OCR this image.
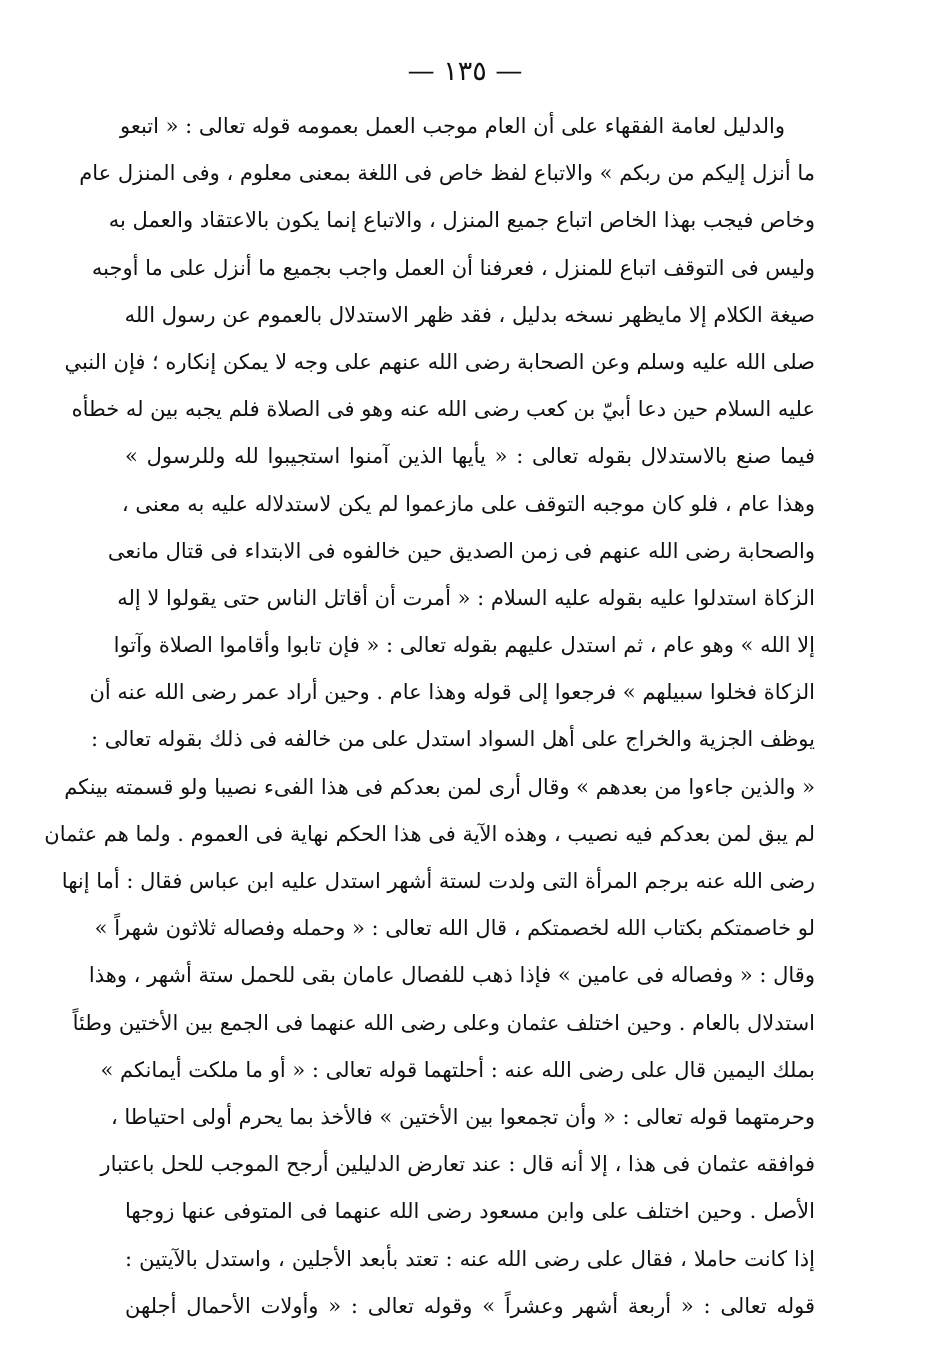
— ١٣٥ —
والدليل لعامة الفقهاء على أن العام موجب العمل بعمومه قوله تعالى : « اتبعو
ما أنزل إليكم من ربكم » والاتباع لفظ خاص فى اللغة بمعنى معلوم ، وفى المنزل عام
وخاص فيجب بهذا الخاص اتباع جميع المنزل ، والاتباع إنما يكون بالاعتقاد والعمل به
وليس فى التوقف اتباع للمنزل ، فعرفنا أن العمل واجب بجميع ما أنزل على ما أوجبه
صيغة الكلام إلا مايظهر نسخه بدليل ، فقد ظهر الاستدلال بالعموم عن رسول الله
صلى الله عليه وسلم وعن الصحابة رضى الله عنهم على وجه لا يمكن إنكاره ؛ فإن النبي
عليه السلام حين دعا أبيّ بن كعب رضى الله عنه وهو فى الصلاة فلم يجبه بين له خطأه
فيما صنع بالاستدلال بقوله تعالى : « يأيها الذين آمنوا استجيبوا لله وللرسول »
وهذا عام ، فلو كان موجبه التوقف على مازعموا لم يكن لاستدلاله عليه به معنى ،
والصحابة رضى الله عنهم فى زمن الصديق حين خالفوه فى الابتداء فى قتال مانعى
الزكاة استدلوا عليه بقوله عليه السلام : « أمرت أن أقاتل الناس حتى يقولوا لا إله
إلا الله » وهو عام ، ثم استدل عليهم بقوله تعالى : « فإن تابوا وأقاموا الصلاة وآتوا
الزكاة فخلوا سبيلهم » فرجعوا إلى قوله وهذا عام . وحين أراد عمر رضى الله عنه أن
يوظف الجزية والخراج على أهل السواد استدل على من خالفه فى ذلك بقوله تعالى :
« والذين جاءوا من بعدهم » وقال أرى لمن بعدكم فى هذا الفىء نصيبا ولو قسمته بينكم
لم يبق لمن بعدكم فيه نصيب ، وهذه الآية فى هذا الحكم نهاية فى العموم . ولما هم عثمان
رضى الله عنه برجم المرأة التى ولدت لستة أشهر استدل عليه ابن عباس فقال : أما إنها
لو خاصمتكم بكتاب الله لخصمتكم ، قال الله تعالى : « وحمله وفصاله ثلاثون شهراً »
وقال : « وفصاله فى عامين » فإذا ذهب للفصال عامان بقى للحمل ستة أشهر ، وهذا
استدلال بالعام . وحين اختلف عثمان وعلى رضى الله عنهما فى الجمع بين الأختين وطئاً
بملك اليمين قال على رضى الله عنه : أحلتهما قوله تعالى : « أو ما ملكت أيمانكم »
وحرمتهما قوله تعالى : « وأن تجمعوا بين الأختين » فالأخذ بما يحرم أولى احتياطا ،
فوافقه عثمان فى هذا ، إلا أنه قال : عند تعارض الدليلين أرجح الموجب للحل باعتبار
الأصل . وحين اختلف على وابن مسعود رضى الله عنهما فى المتوفى عنها زوجها
إذا كانت حاملا ، فقال على رضى الله عنه : تعتد بأبعد الأجلين ، واستدل بالآيتين :
قوله تعالى : « أربعة أشهر وعشراً » وقوله تعالى : « وأولات الأحمال أجلهن
